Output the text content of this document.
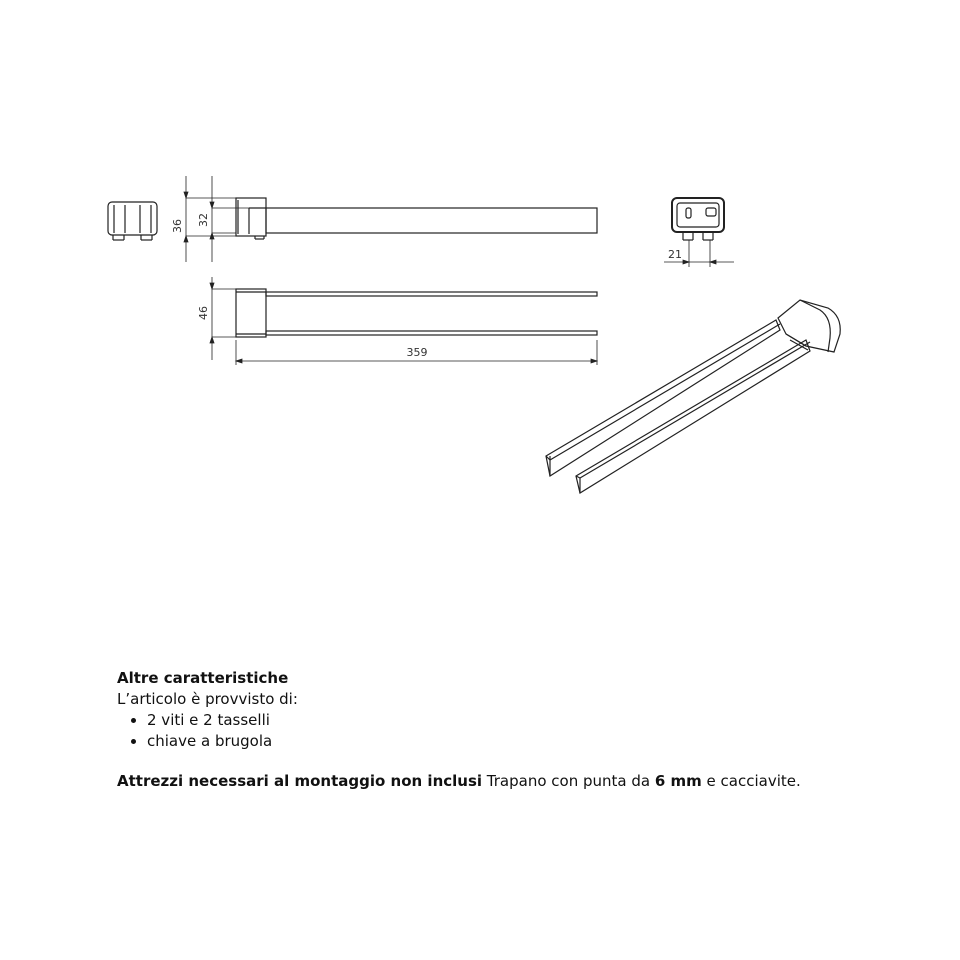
36 32
46
359
21
Altre caratteristiche

L’articolo è provvisto di:

• 2 viti e 2 tasselli
• chiave a brugola

Attrezzi necessari al montaggio non inclusi Trapano con punta da 6 mm e cacciavite.
